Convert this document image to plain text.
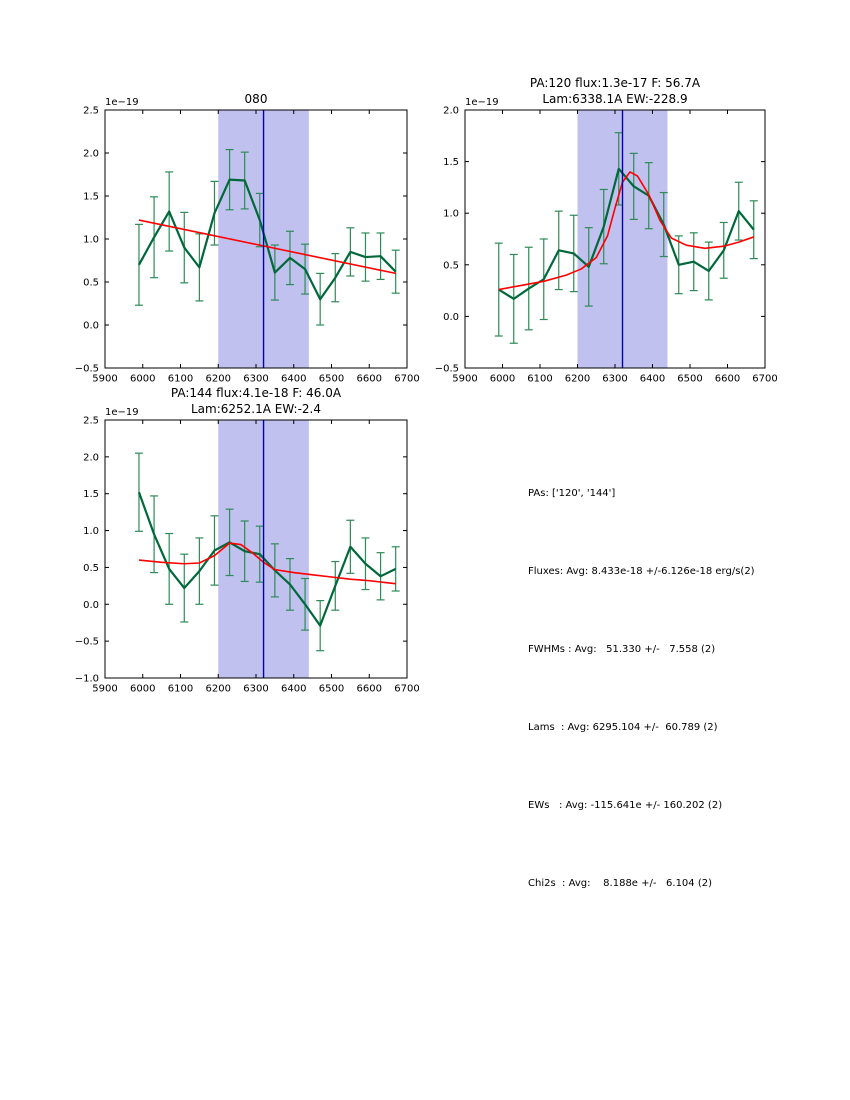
5900 6000 6100 6200 6300 6400 6500 6600 6700
2.5
2.0
1.5
1.0
0.5
0.0
−0.5
1e−19	080
5900 6000 6100 6200 6300 6400 6500 6600 6700
2.0
1.5
1.0
0.5
0.0
−0.5
1e−19
PA:120 flux:1.3e-17 F: 56.7A
Lam:6338.1A EW:-228.9
5900 6000 6100 6200 6300 6400 6500 6600 6700
2.5
2.0
1.5
1.0
0.5
0.0
−0.5
−1.0
1e−19
PA:144 flux:4.1e-18 F: 46.0A
Lam:6252.1A EW:-2.4

PAs: ['120', '144']

Fluxes: Avg: 8.433e-18 +/-6.126e-18 erg/s(2)

FWHMs : Avg:   51.330 +/-   7.558 (2)

Lams  : Avg: 6295.104 +/-  60.789 (2)

EWs   : Avg: -115.641e +/- 160.202 (2)

Chi2s  : Avg:    8.188e +/-   6.104 (2)
